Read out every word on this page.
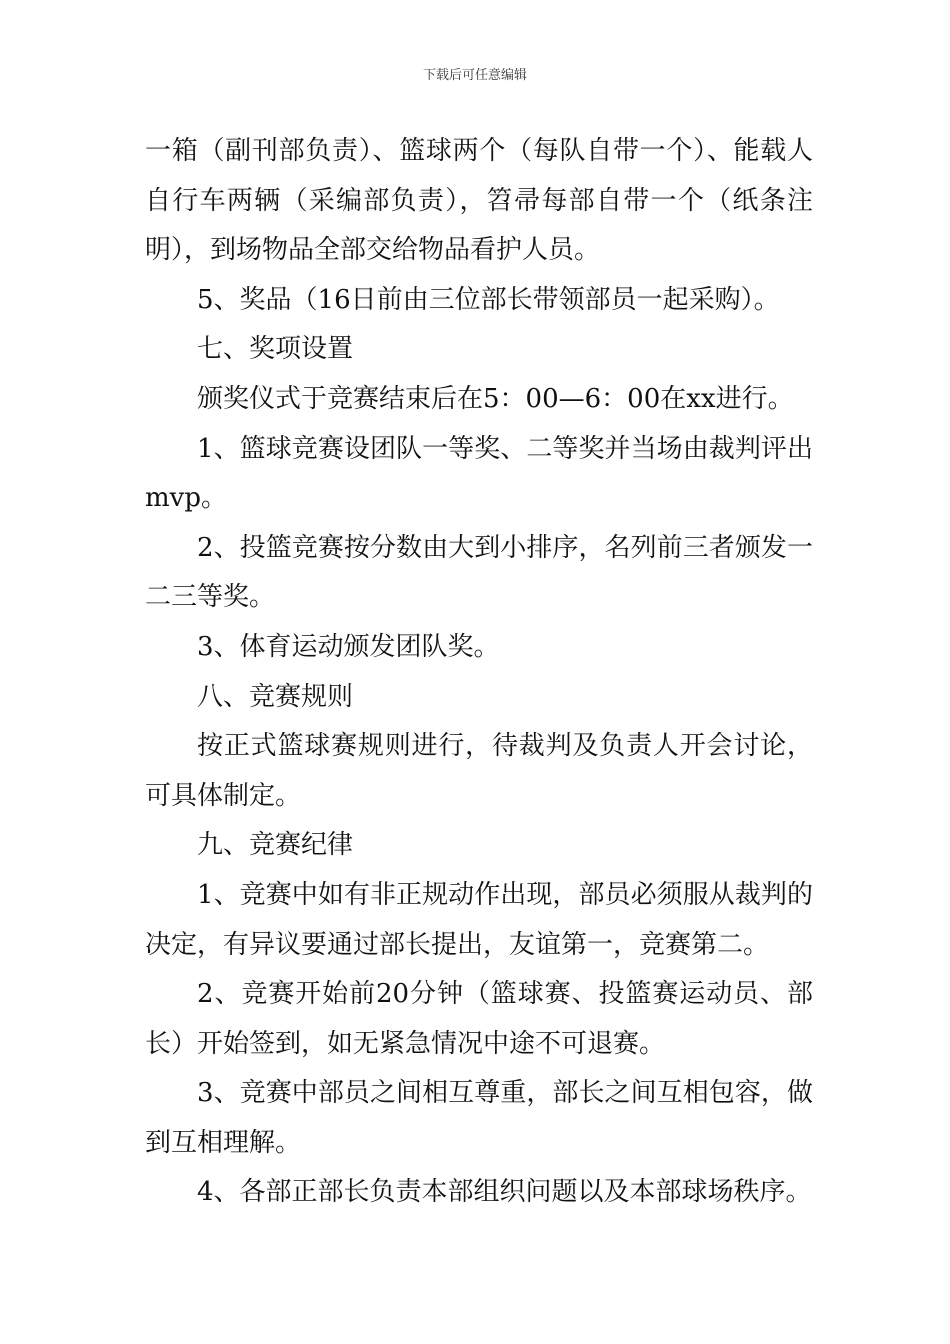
下载后可任意编辑

一箱（副刊部负责）、篮球两个（每队自带一个）、能载人自行车两辆（采编部负责），笤帚每部自带一个（纸条注明），到场物品全部交给物品看护人员。

5、奖品（16日前由三位部长带领部员一起采购）。

七、奖项设置

颁奖仪式于竞赛结束后在5：00—6：00在xx进行。

1、篮球竞赛设团队一等奖、二等奖并当场由裁判评出mvp。

2、投篮竞赛按分数由大到小排序，名列前三者颁发一二三等奖。

3、体育运动颁发团队奖。

八、竞赛规则

按正式篮球赛规则进行，待裁判及负责人开会讨论，可具体制定。

九、竞赛纪律

1、竞赛中如有非正规动作出现，部员必须服从裁判的决定，有异议要通过部长提出，友谊第一，竞赛第二。

2、竞赛开始前20分钟（篮球赛、投篮赛运动员、部长）开始签到，如无紧急情况中途不可退赛。

3、竞赛中部员之间相互尊重，部长之间互相包容，做到互相理解。

4、各部正部长负责本部组织问题以及本部球场秩序。
